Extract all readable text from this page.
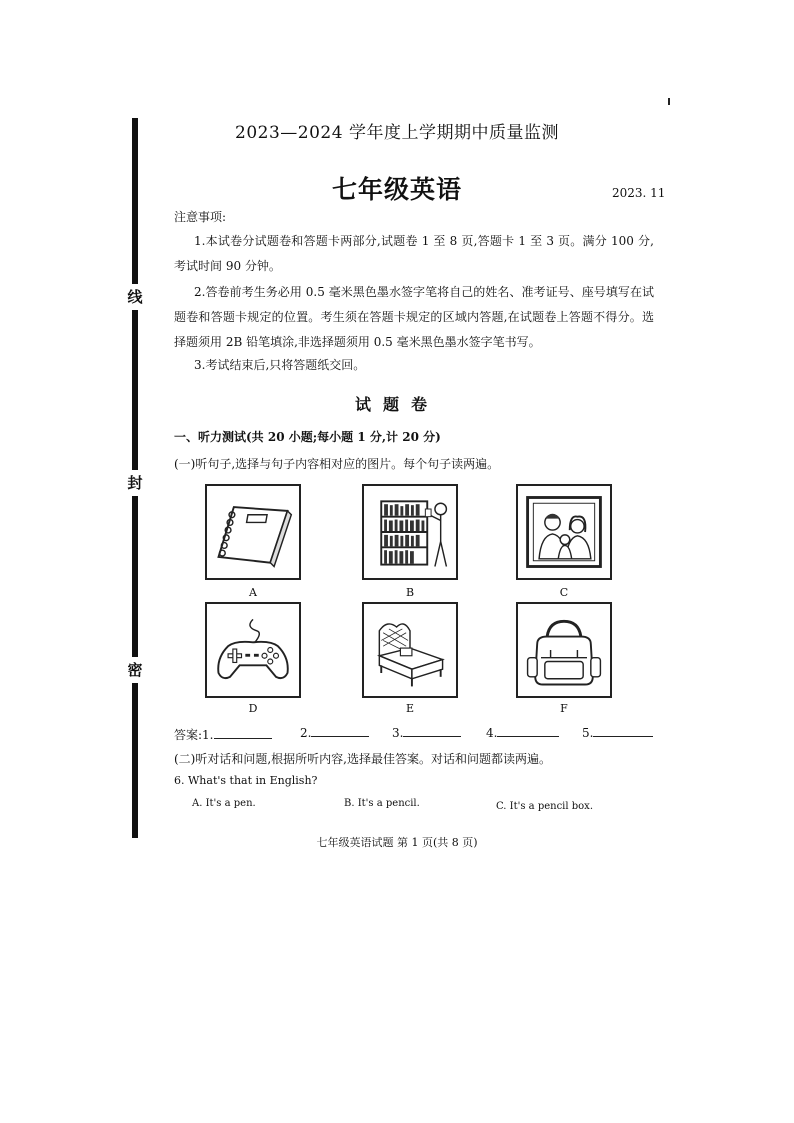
线
封
密
2023—2024 学年度上学期期中质量监测
七年级英语	2023. 11
注意事项:
1.本试卷分试题卷和答题卡两部分,试题卷 1 至 8 页,答题卡 1 至 3 页。满分 100 分,考试时间 90 分钟。
2.答卷前考生务必用 0.5 毫米黑色墨水签字笔将自己的姓名、准考证号、座号填写在试题卷和答题卡规定的位置。考生须在答题卡规定的区域内答题,在试题卷上答题不得分。选择题须用 2B 铅笔填涂,非选择题须用 0.5 毫米黑色墨水签字笔书写。
3.考试结束后,只将答题纸交回。
试题卷
一、听力测试(共 20 小题;每小题 1 分,计 20 分)
(一)听句子,选择与句子内容相对应的图片。每个句子读两遍。
A	B	C
D	E	F
答案:1.	2.	3.	4.	5.
(二)听对话和问题,根据所听内容,选择最佳答案。对话和问题都读两遍。
6. What's that in English?
A. It's a pen.	B. It's a pencil.	C. It's a pencil box.
七年级英语试题 第 1 页(共 8 页)
